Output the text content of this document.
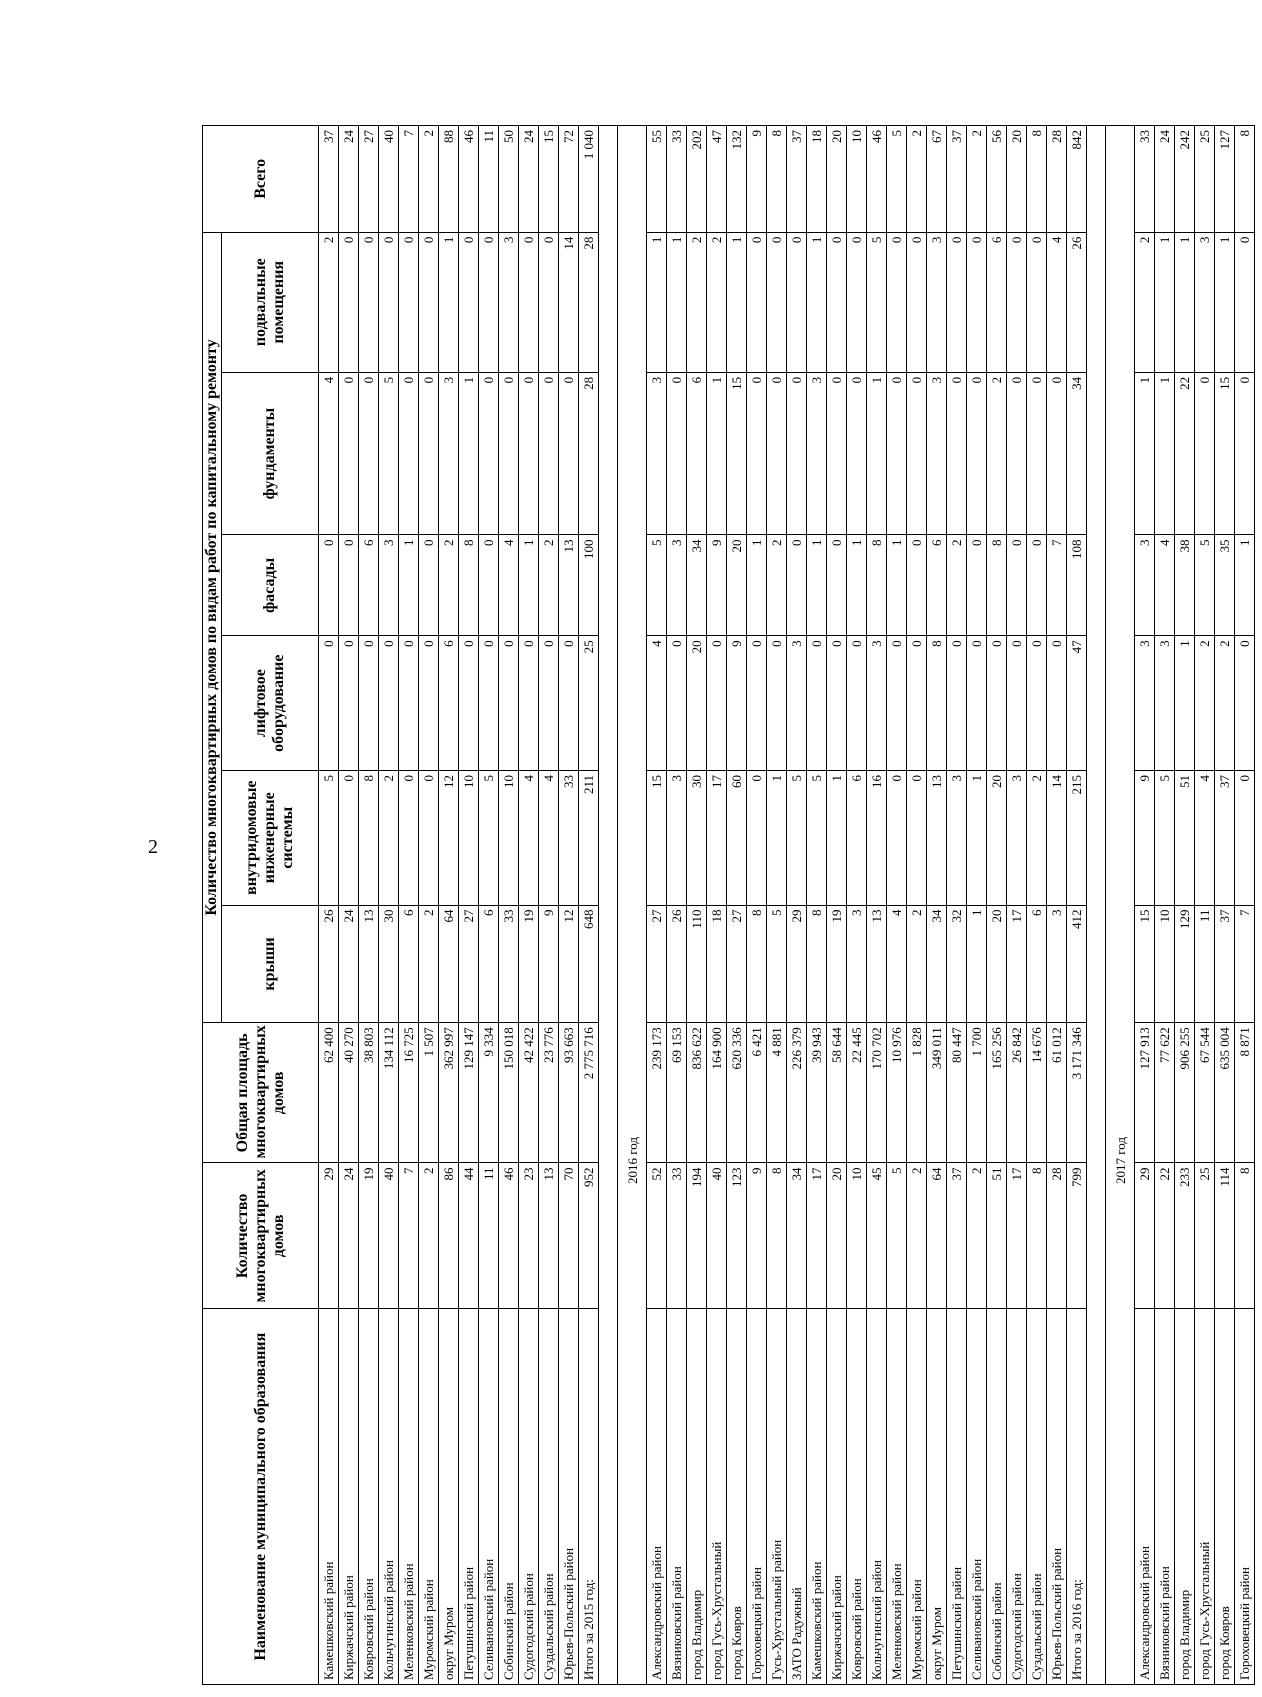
2
Наименование муниципального образования	Количество многоквартирных домов	Общая площадь многоквартирных домов	Количество многоквартирных домов по видам работ по капитальному ремонту						Всего
			крыши	внутридомовые инженерные системы	лифтовое оборудование	фасады	фундаменты	подвальные помещения	
Камешковский район	29	62 400	26	5	0	0	4	2	37
Киржачский район	24	40 270	24	0	0	0	0	0	24
Ковровский район	19	38 803	13	8	0	6	0	0	27
Кольчугинский район	40	134 112	30	2	0	3	5	0	40
Меленковский район	7	16 725	6	0	0	1	0	0	7
Муромский район	2	1 507	2	0	0	0	0	0	2
округ Муром	86	362 997	64	12	6	2	3	1	88
Петушинский район	44	129 147	27	10	0	8	1	0	46
Селивановский район	11	9 334	6	5	0	0	0	0	11
Собинский район	46	150 018	33	10	0	4	0	3	50
Судогодский район	23	42 422	19	4	0	1	0	0	24
Суздальский район	13	23 776	9	4	0	2	0	0	15
Юрьев-Польский район	70	93 663	12	33	0	13	0	14	72
Итого за 2015 год:	952	2 775 716	648	211	25	100	28	28	1 040

2016 год									
Александровский район	52	239 173	27	15	4	5	3	1	55
Вязниковский район	33	69 153	26	3	0	3	0	1	33
город Владимир	194	836 622	110	30	20	34	6	2	202
город Гусь-Хрустальный	40	164 900	18	17	0	9	1	2	47
город Ковров	123	620 336	27	60	9	20	15	1	132
Гороховецкий район	9	6 421	8	0	0	1	0	0	9
Гусь-Хрустальный район	8	4 881	5	1	0	2	0	0	8
ЗАТО Радужный	34	226 379	29	5	3	0	0	0	37
Камешковский район	17	39 943	8	5	0	1	3	1	18
Киржачский район	20	58 644	19	1	0	0	0	0	20
Ковровский район	10	22 445	3	6	0	1	0	0	10
Кольчугинский район	45	170 702	13	16	3	8	1	5	46
Меленковский район	5	10 976	4	0	0	1	0	0	5
Муромский район	2	1 828	2	0	0	0	0	0	2
округ Муром	64	349 011	34	13	8	6	3	3	67
Петушинский район	37	80 447	32	3	0	2	0	0	37
Селивановский район	2	1 700	1	1	0	0	0	0	2
Собинский район	51	165 256	20	20	0	8	2	6	56
Судогодский район	17	26 842	17	3	0	0	0	0	20
Суздальский район	8	14 676	6	2	0	0	0	0	8
Юрьев-Польский район	28	61 012	3	14	0	7	0	4	28
Итого за 2016 год:	799	3 171 346	412	215	47	108	34	26	842

2017 год									
Александровский район	29	127 913	15	9	3	3	1	2	33
Вязниковский район	22	77 622	10	5	3	4	1	1	24
город Владимир	233	906 255	129	51	1	38	22	1	242
город Гусь-Хрустальный	25	67 544	11	4	2	5	0	3	25
город Ковров	114	635 004	37	37	2	35	15	1	127
Гороховецкий район	8	8 871	7	0	0	1	0	0	8
